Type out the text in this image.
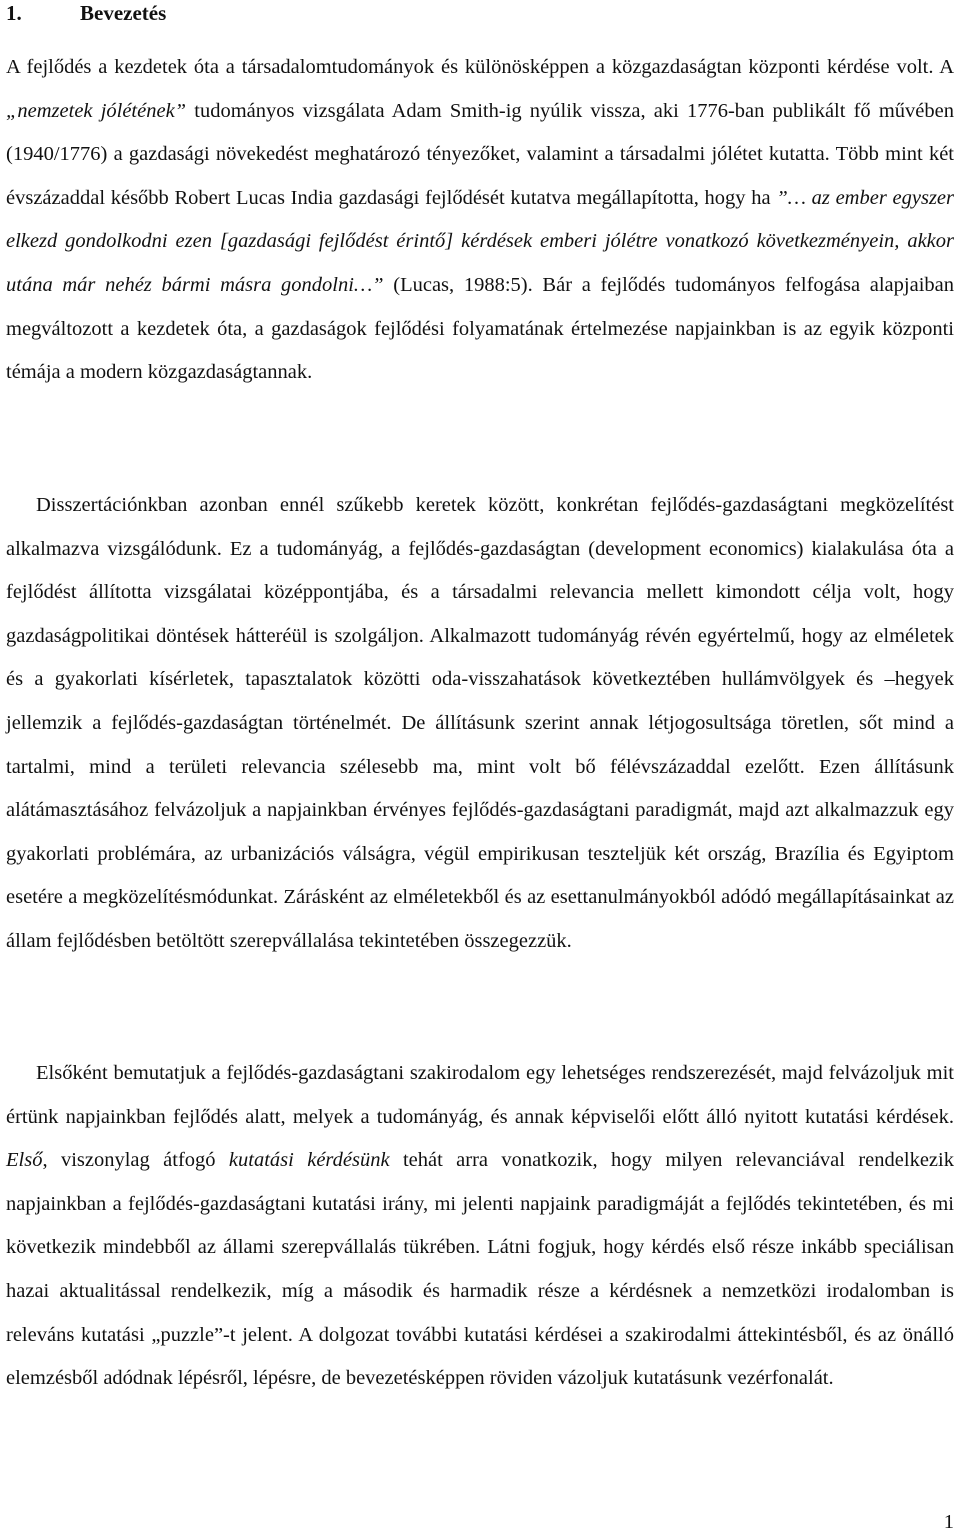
1.	Bevezetés

A fejlődés a kezdetek óta a társadalomtudományok és különösképpen a közgazdaságtan központi kérdése volt. A „nemzetek jólétének” tudományos vizsgálata Adam Smith-ig nyúlik vissza, aki 1776-ban publikált fő művében (1940/1776) a gazdasági növekedést meghatározó tényezőket, valamint a társadalmi jólétet kutatta. Több mint két évszázaddal később Robert Lucas India gazdasági fejlődését kutatva megállapította, hogy ha ”… az ember egyszer elkezd gondolkodni ezen [gazdasági fejlődést érintő] kérdések emberi jólétre vonatkozó következményein, akkor utána már nehéz bármi másra gondolni…” (Lucas, 1988:5). Bár a fejlődés tudományos felfogása alapjaiban megváltozott a kezdetek óta, a gazdaságok fejlődési folyamatának értelmezése napjainkban is az egyik központi témája a modern közgazdaságtannak.

Disszertációnkban azonban ennél szűkebb keretek között, konkrétan fejlődés-gazdaságtani megközelítést alkalmazva vizsgálódunk. Ez a tudományág, a fejlődés-gazdaságtan (development economics) kialakulása óta a fejlődést állította vizsgálatai középpontjába, és a társadalmi relevancia mellett kimondott célja volt, hogy gazdaságpolitikai döntések hátteréül is szolgáljon. Alkalmazott tudományág révén egyértelmű, hogy az elméletek és a gyakorlati kísérletek, tapasztalatok közötti oda-visszahatások következtében hullámvölgyek és –hegyek jellemzik a fejlődés-gazdaságtan történelmét. De állításunk szerint annak létjogosultsága töretlen, sőt mind a tartalmi, mind a területi relevancia szélesebb ma, mint volt bő félévszázaddal ezelőtt. Ezen állításunk alátámasztásához felvázoljuk a napjainkban érvényes fejlődés-gazdaságtani paradigmát, majd azt alkalmazzuk egy gyakorlati problémára, az urbanizációs válságra, végül empirikusan teszteljük két ország, Brazília és Egyiptom esetére a megközelítésmódunkat. Zárásként az elméletekből és az esettanulmányokból adódó megállapításainkat az állam fejlődésben betöltött szerepvállalása tekintetében összegezzük.

Elsőként bemutatjuk a fejlődés-gazdaságtani szakirodalom egy lehetséges rendszerezését, majd felvázoljuk mit értünk napjainkban fejlődés alatt, melyek a tudományág, és annak képviselői előtt álló nyitott kutatási kérdések. Első, viszonylag átfogó kutatási kérdésünk tehát arra vonatkozik, hogy milyen relevanciával rendelkezik napjainkban a fejlődés-gazdaságtani kutatási irány, mi jelenti napjaink paradigmáját a fejlődés tekintetében, és mi következik mindebből az állami szerepvállalás tükrében. Látni fogjuk, hogy kérdés első része inkább speciálisan hazai aktualitással rendelkezik, míg a második és harmadik része a kérdésnek a nemzetközi irodalomban is releváns kutatási „puzzle”-t jelent. A dolgozat további kutatási kérdései a szakirodalmi áttekintésből, és az önálló elemzésből adódnak lépésről, lépésre, de bevezetésképpen röviden vázoljuk kutatásunk vezérfonalát.

1
